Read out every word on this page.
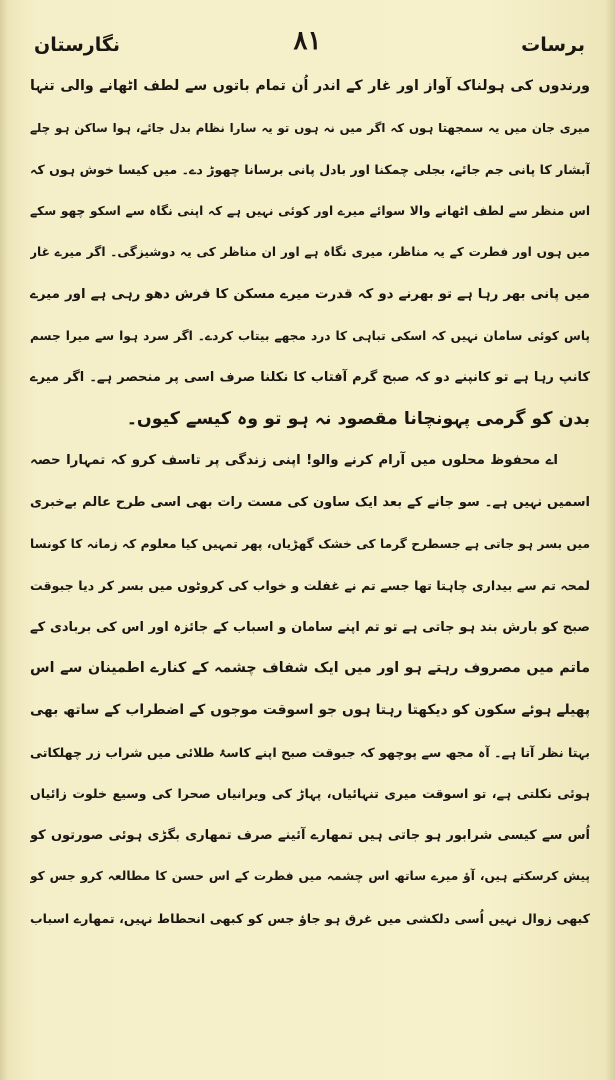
نگارستان	٨١	برسات
ورندوں کی ہولناک آواز اور غار کے اندر اُن تمام باتوں سے لطف اٹھانے والی تنہا
میری جان میں یہ سمجھتا ہوں کہ اگر میں نہ ہوں تو یہ سارا نظام بدل جائے، ہوا ساکن ہو چلے
آبشار کا پانی جم جائے، بجلی چمکنا اور بادل پانی برسانا چھوڑ دے۔ میں کیسا خوش ہوں کہ
اس منظر سے لطف اٹھانے والا سوائے میرے اور کوئی نہیں ہے کہ اپنی نگاہ سے اسکو چھو سکے
میں ہوں اور فطرت کے یہ مناظر، میری نگاہ ہے اور ان مناظر کی یہ دوشیزگی۔ اگر میرے غار
میں پانی بھر رہا ہے تو بھرنے دو کہ قدرت میرے مسکن کا فرش دھو رہی ہے اور میرے
پاس کوئی سامان نہیں کہ اسکی تباہی کا درد مجھے بیتاب کردے۔ اگر سرد ہوا سے میرا جسم
کانپ رہا ہے تو کانپنے دو کہ صبح گرم آفتاب کا نکلنا صرف اسی پر منحصر ہے۔ اگر میرے
بدن کو گرمی پہونچانا مقصود نہ ہو تو وہ کیسے کیوں۔
اے محفوظ محلوں میں آرام کرنے والو! اپنی زندگی پر تاسف کرو کہ تمہارا حصہ
اسمیں نہیں ہے۔ سو جانے کے بعد ایک ساون کی مست رات بھی اسی طرح عالم بےخبری
میں بسر ہو جاتی ہے جسطرح گرما کی خشک گھڑیاں، پھر تمہیں کیا معلوم کہ زمانہ کا کونسا
لمحہ تم سے بیداری چاہتا تھا جسے تم نے غفلت و خواب کی کروٹوں میں بسر کر دیا جبوقت
صبح کو بارش بند ہو جاتی ہے تو تم اپنے سامان و اسباب کے جائزہ اور اس کی بربادی کے
ماتم میں مصروف رہتے ہو اور میں ایک شفاف چشمہ کے کنارے اطمینان سے اس
پھیلے ہوئے سکون کو دیکھتا رہتا ہوں جو اسوقت موجوں کے اضطراب کے ساتھ بھی
بہتا نظر آتا ہے۔ آہ مجھ سے پوچھو کہ جبوقت صبح اپنے کاسۂ طلائی میں شراب زر چھلکاتی
ہوئی نکلتی ہے، تو اسوقت میری تنہائیاں، پہاڑ کی ویرانیاں صحرا کی وسیع خلوت زائیاں
اُس سے کیسی شرابور ہو جاتی ہیں تمھارے آئینے صرف تمھاری بگڑی ہوئی صورتوں کو
پیش کرسکتے ہیں، آؤ میرے ساتھ اس چشمہ میں فطرت کے اس حسن کا مطالعہ کرو جس کو
کبھی زوال نہیں اُسی دلکشی میں غرق ہو جاؤ جس کو کبھی انحطاط نہیں، تمھارے اسباب
